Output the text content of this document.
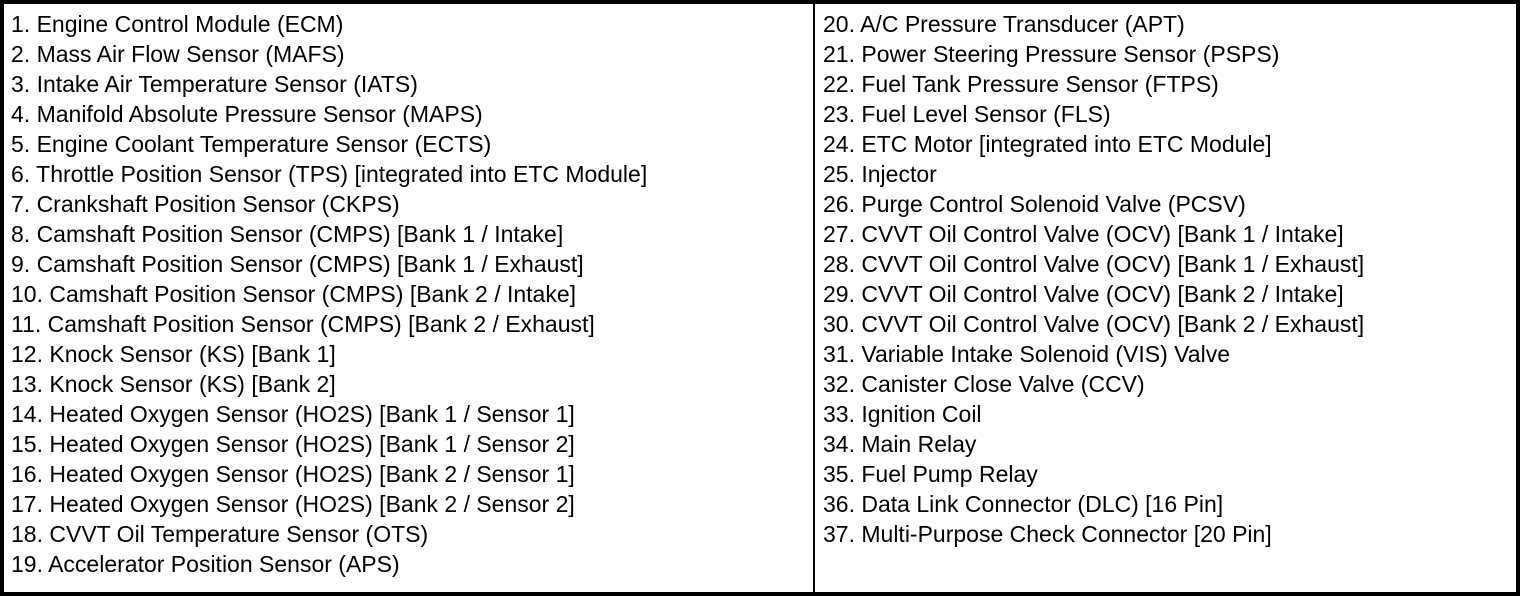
1. Engine Control Module (ECM)
2. Mass Air Flow Sensor (MAFS)
3. Intake Air Temperature Sensor (IATS)
4. Manifold Absolute Pressure Sensor (MAPS)
5. Engine Coolant Temperature Sensor (ECTS)
6. Throttle Position Sensor (TPS) [integrated into ETC Module]
7. Crankshaft Position Sensor (CKPS)
8. Camshaft Position Sensor (CMPS) [Bank 1 / Intake]
9. Camshaft Position Sensor (CMPS) [Bank 1 / Exhaust]
10. Camshaft Position Sensor (CMPS) [Bank 2 / Intake]
11. Camshaft Position Sensor (CMPS) [Bank 2 / Exhaust]
12. Knock Sensor (KS) [Bank 1]
13. Knock Sensor (KS) [Bank 2]
14. Heated Oxygen Sensor (HO2S) [Bank 1 / Sensor 1]
15. Heated Oxygen Sensor (HO2S) [Bank 1 / Sensor 2]
16. Heated Oxygen Sensor (HO2S) [Bank 2 / Sensor 1]
17. Heated Oxygen Sensor (HO2S) [Bank 2 / Sensor 2]
18. CVVT Oil Temperature Sensor (OTS)
19. Accelerator Position Sensor (APS)
20. A/C Pressure Transducer (APT)
21. Power Steering Pressure Sensor (PSPS)
22. Fuel Tank Pressure Sensor (FTPS)
23. Fuel Level Sensor (FLS)
24. ETC Motor [integrated into ETC Module]
25. Injector
26. Purge Control Solenoid Valve (PCSV)
27. CVVT Oil Control Valve (OCV) [Bank 1 / Intake]
28. CVVT Oil Control Valve (OCV) [Bank 1 / Exhaust]
29. CVVT Oil Control Valve (OCV) [Bank 2 / Intake]
30. CVVT Oil Control Valve (OCV) [Bank 2 / Exhaust]
31. Variable Intake Solenoid (VIS) Valve
32. Canister Close Valve (CCV)
33. Ignition Coil
34. Main Relay
35. Fuel Pump Relay
36. Data Link Connector (DLC) [16 Pin]
37. Multi-Purpose Check Connector [20 Pin]
